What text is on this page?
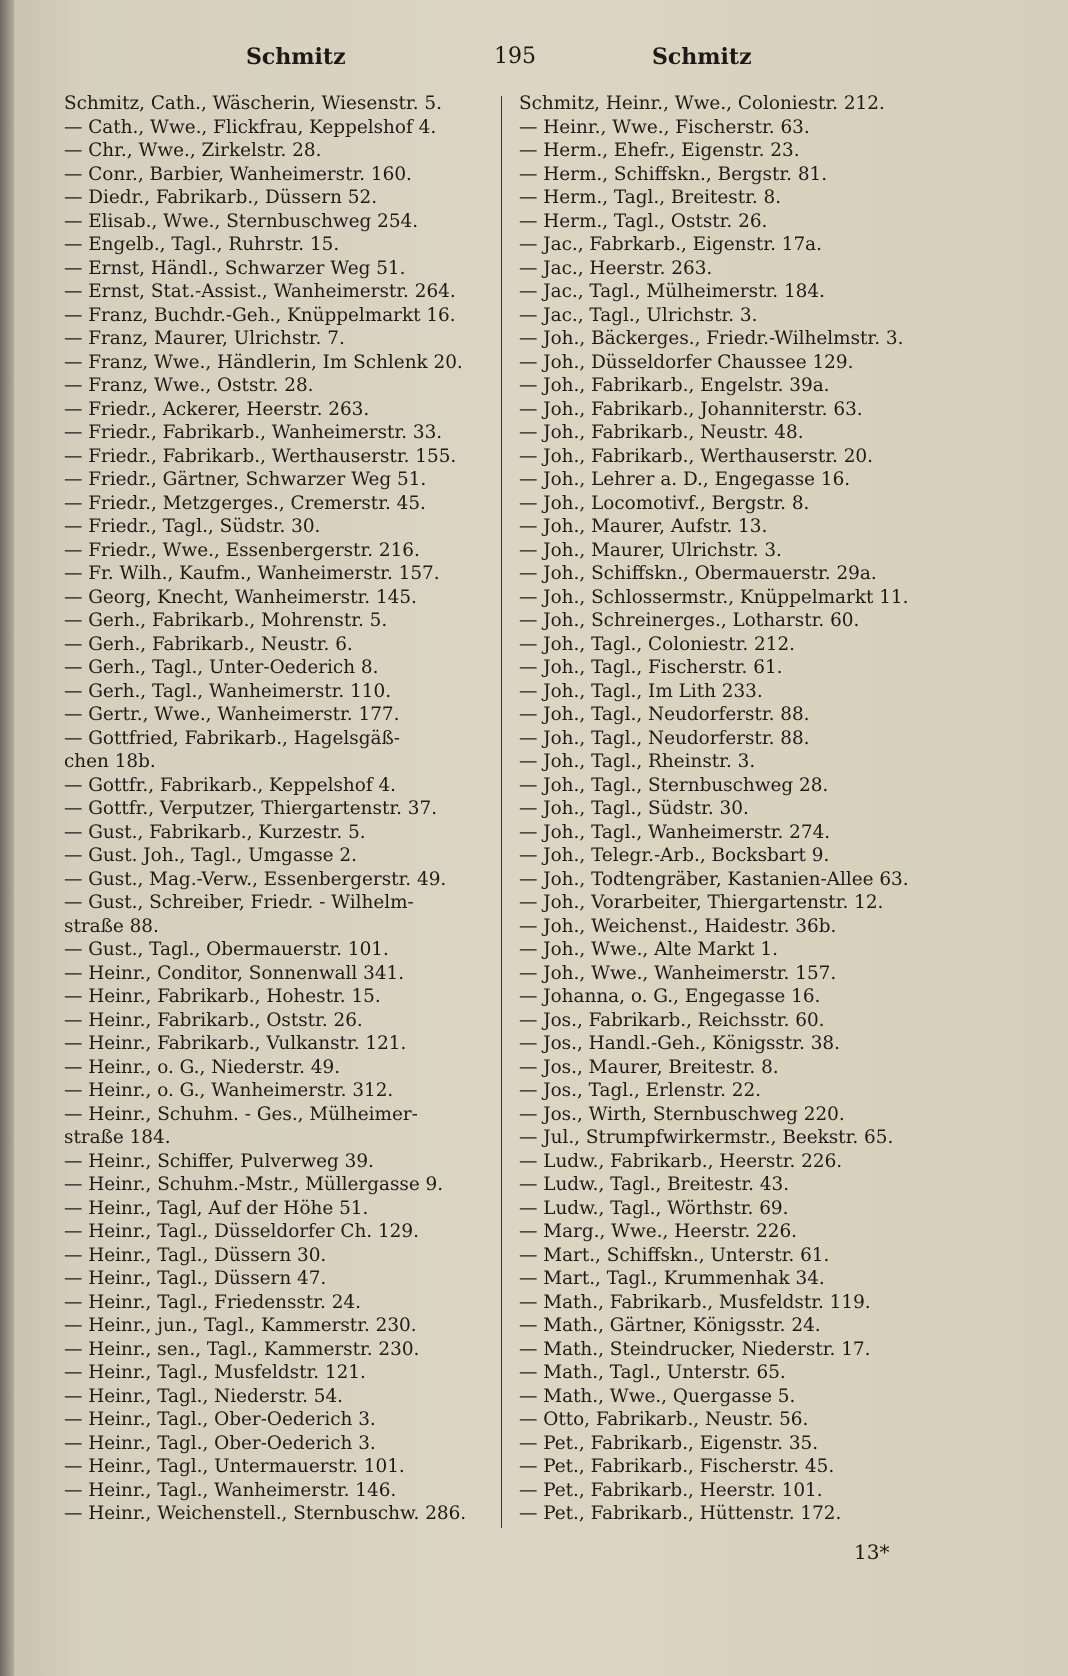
Schmitz	195	Schmitz
Schmitz, Cath., Wäscherin, Wiesenstr. 5.
— Cath., Wwe., Flickfrau, Keppelshof 4.
— Chr., Wwe., Zirkelstr. 28.
— Conr., Barbier, Wanheimerstr. 160.
— Diedr., Fabrikarb., Düssern 52.
— Elisab., Wwe., Sternbuschweg 254.
— Engelb., Tagl., Ruhrstr. 15.
— Ernst, Händl., Schwarzer Weg 51.
— Ernst, Stat.-Assist., Wanheimerstr. 264.
— Franz, Buchdr.-Geh., Knüppelmarkt 16.
— Franz, Maurer, Ulrichstr. 7.
— Franz, Wwe., Händlerin, Im Schlenk 20.
— Franz, Wwe., Oststr. 28.
— Friedr., Ackerer, Heerstr. 263.
— Friedr., Fabrikarb., Wanheimerstr. 33.
— Friedr., Fabrikarb., Werthauserstr. 155.
— Friedr., Gärtner, Schwarzer Weg 51.
— Friedr., Metzgerges., Cremerstr. 45.
— Friedr., Tagl., Südstr. 30.
— Friedr., Wwe., Essenbergerstr. 216.
— Fr. Wilh., Kaufm., Wanheimerstr. 157.
— Georg, Knecht, Wanheimerstr. 145.
— Gerh., Fabrikarb., Mohrenstr. 5.
— Gerh., Fabrikarb., Neustr. 6.
— Gerh., Tagl., Unter-Oederich 8.
— Gerh., Tagl., Wanheimerstr. 110.
— Gertr., Wwe., Wanheimerstr. 177.
— Gottfried, Fabrikarb., Hagelsgäß-
chen 18b.
— Gottfr., Fabrikarb., Keppelshof 4.
— Gottfr., Verputzer, Thiergartenstr. 37.
— Gust., Fabrikarb., Kurzestr. 5.
— Gust. Joh., Tagl., Umgasse 2.
— Gust., Mag.-Verw., Essenbergerstr. 49.
— Gust., Schreiber, Friedr. - Wilhelm-
straße 88.
— Gust., Tagl., Obermauerstr. 101.
— Heinr., Conditor, Sonnenwall 341.
— Heinr., Fabrikarb., Hohestr. 15.
— Heinr., Fabrikarb., Oststr. 26.
— Heinr., Fabrikarb., Vulkanstr. 121.
— Heinr., o. G., Niederstr. 49.
— Heinr., o. G., Wanheimerstr. 312.
— Heinr., Schuhm. - Ges., Mülheimer-
straße 184.
— Heinr., Schiffer, Pulverweg 39.
— Heinr., Schuhm.-Mstr., Müllergasse 9.
— Heinr., Tagl, Auf der Höhe 51.
— Heinr., Tagl., Düsseldorfer Ch. 129.
— Heinr., Tagl., Düssern 30.
— Heinr., Tagl., Düssern 47.
— Heinr., Tagl., Friedensstr. 24.
— Heinr., jun., Tagl., Kammerstr. 230.
— Heinr., sen., Tagl., Kammerstr. 230.
— Heinr., Tagl., Musfeldstr. 121.
— Heinr., Tagl., Niederstr. 54.
— Heinr., Tagl., Ober-Oederich 3.
— Heinr., Tagl., Ober-Oederich 3.
— Heinr., Tagl., Untermauerstr. 101.
— Heinr., Tagl., Wanheimerstr. 146.
— Heinr., Weichenstell., Sternbuschw. 286.
Schmitz, Heinr., Wwe., Coloniestr. 212.
— Heinr., Wwe., Fischerstr. 63.
— Herm., Ehefr., Eigenstr. 23.
— Herm., Schiffskn., Bergstr. 81.
— Herm., Tagl., Breitestr. 8.
— Herm., Tagl., Oststr. 26.
— Jac., Fabrkarb., Eigenstr. 17a.
— Jac., Heerstr. 263.
— Jac., Tagl., Mülheimerstr. 184.
— Jac., Tagl., Ulrichstr. 3.
— Joh., Bäckerges., Friedr.-Wilhelmstr. 3.
— Joh., Düsseldorfer Chaussee 129.
— Joh., Fabrikarb., Engelstr. 39a.
— Joh., Fabrikarb., Johanniterstr. 63.
— Joh., Fabrikarb., Neustr. 48.
— Joh., Fabrikarb., Werthauserstr. 20.
— Joh., Lehrer a. D., Engegasse 16.
— Joh., Locomotivf., Bergstr. 8.
— Joh., Maurer, Aufstr. 13.
— Joh., Maurer, Ulrichstr. 3.
— Joh., Schiffskn., Obermauerstr. 29a.
— Joh., Schlossermstr., Knüppelmarkt 11.
— Joh., Schreinerges., Lotharstr. 60.
— Joh., Tagl., Coloniestr. 212.
— Joh., Tagl., Fischerstr. 61.
— Joh., Tagl., Im Lith 233.
— Joh., Tagl., Neudorferstr. 88.
— Joh., Tagl., Neudorferstr. 88.
— Joh., Tagl., Rheinstr. 3.
— Joh., Tagl., Sternbuschweg 28.
— Joh., Tagl., Südstr. 30.
— Joh., Tagl., Wanheimerstr. 274.
— Joh., Telegr.-Arb., Bocksbart 9.
— Joh., Todtengräber, Kastanien-Allee 63.
— Joh., Vorarbeiter, Thiergartenstr. 12.
— Joh., Weichenst., Haidestr. 36b.
— Joh., Wwe., Alte Markt 1.
— Joh., Wwe., Wanheimerstr. 157.
— Johanna, o. G., Engegasse 16.
— Jos., Fabrikarb., Reichsstr. 60.
— Jos., Handl.-Geh., Königsstr. 38.
— Jos., Maurer, Breitestr. 8.
— Jos., Tagl., Erlenstr. 22.
— Jos., Wirth, Sternbuschweg 220.
— Jul., Strumpfwirkermstr., Beekstr. 65.
— Ludw., Fabrikarb., Heerstr. 226.
— Ludw., Tagl., Breitestr. 43.
— Ludw., Tagl., Wörthstr. 69.
— Marg., Wwe., Heerstr. 226.
— Mart., Schiffskn., Unterstr. 61.
— Mart., Tagl., Krummenhak 34.
— Math., Fabrikarb., Musfeldstr. 119.
— Math., Gärtner, Königsstr. 24.
— Math., Steindrucker, Niederstr. 17.
— Math., Tagl., Unterstr. 65.
— Math., Wwe., Quergasse 5.
— Otto, Fabrikarb., Neustr. 56.
— Pet., Fabrikarb., Eigenstr. 35.
— Pet., Fabrikarb., Fischerstr. 45.
— Pet., Fabrikarb., Heerstr. 101.
— Pet., Fabrikarb., Hüttenstr. 172.
13*
